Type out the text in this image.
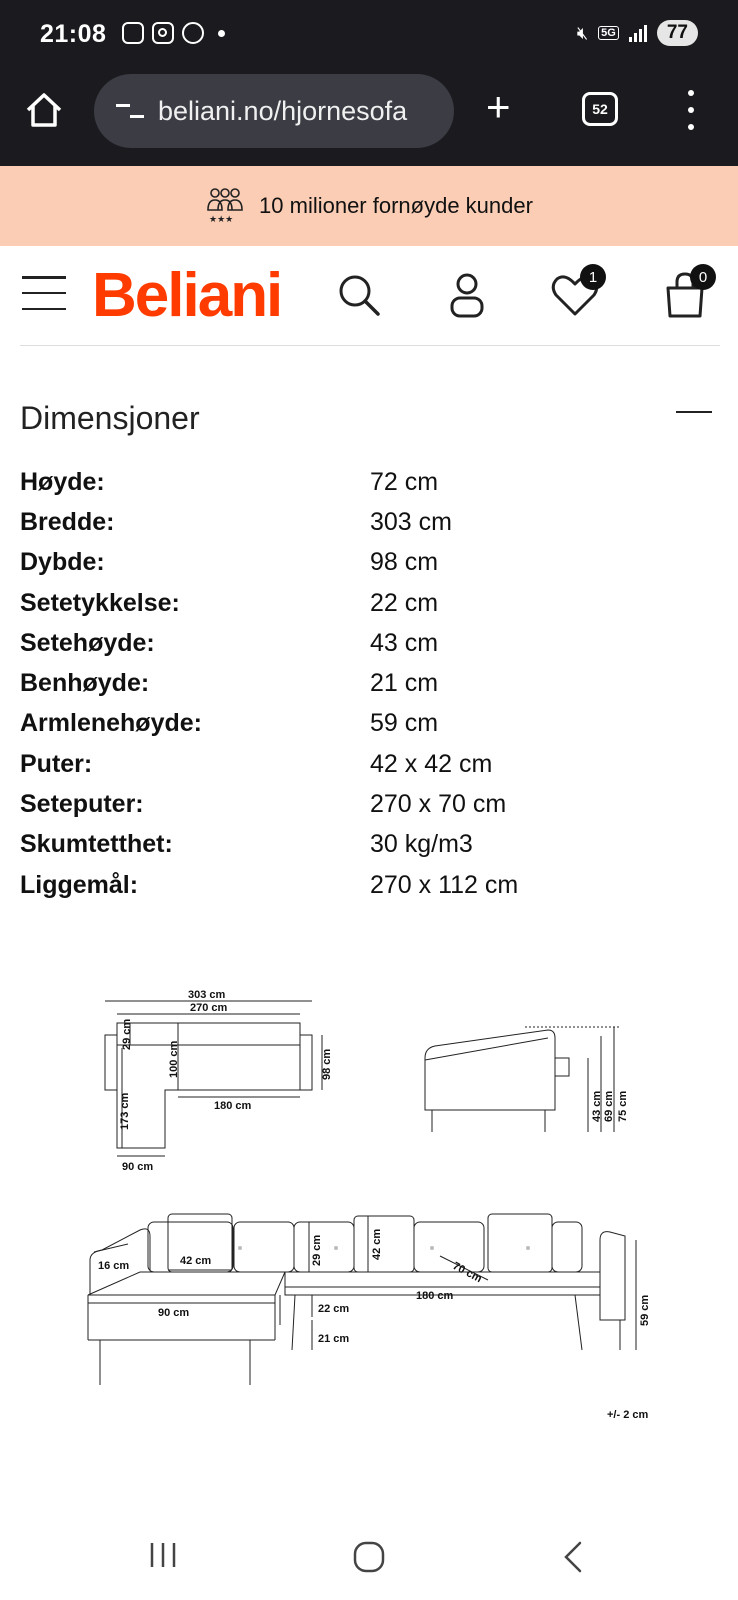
21:08	🔇︎ 5G	77
beliani.no/hjornesofa +	52
★★★
10 milioner fornøyde kunder
Beliani	1	0
Dimensjoner
Høyde:	72 cm
Bredde:	303 cm
Dybde:	98 cm
Setetykkelse:	22 cm
Setehøyde:	43 cm
Benhøyde:	21 cm
Armlenehøyde:	59 cm
Puter:	42 x 42 cm
Seteputer:	270 x 70 cm
Skumtetthet:	30 kg/m3
Liggemål:	270 x 112 cm
303 cm
270 cm
29 cm
100 cm
173 cm	180 cm
98 cm
90 cm
43 cm 69 cm 75 cm
16 cm	42 cm
90 cm
29 cm	42 cm
70 cm
180 cm
22 cm
21 cm
59 cm
+/- 2 cm
